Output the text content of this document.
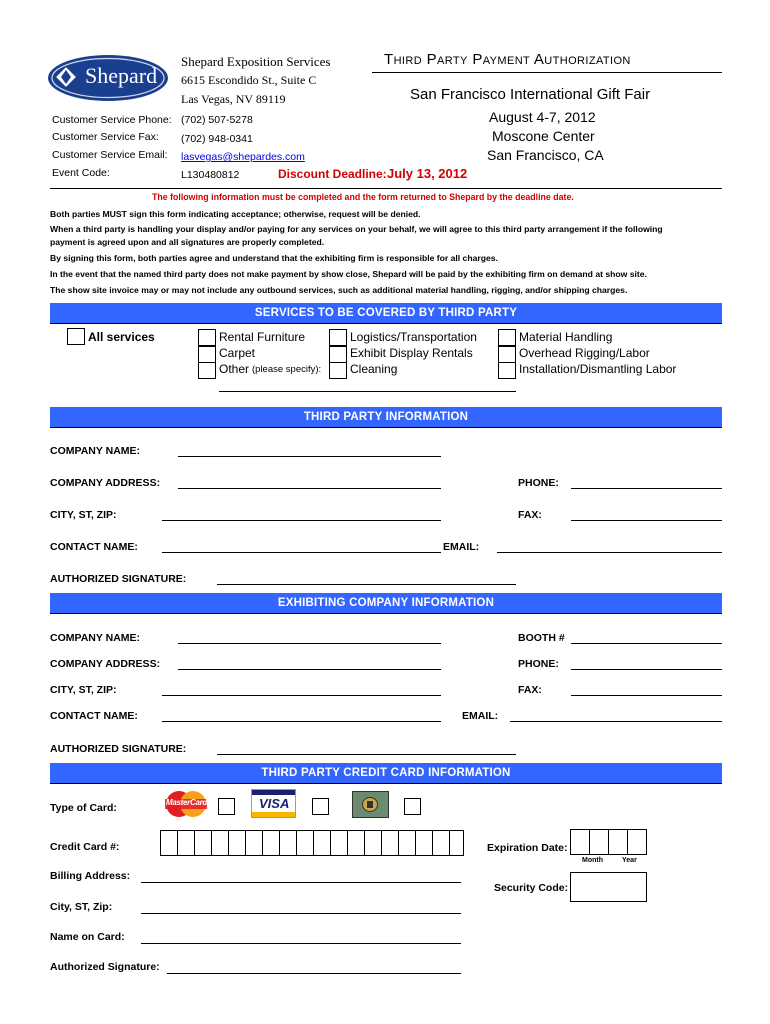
Shepard
Shepard Exposition Services
6615 Escondido St., Suite C
Las Vegas, NV 89119
Customer Service Phone: (702) 507-5278
Customer Service Fax: (702) 948-0341
Customer Service Email: lasvegas@shepardes.com
Event Code:	L130480812
Third Party Payment Authorization
San Francisco International Gift Fair
August 4-7, 2012
Moscone Center
San Francisco, CA
Discount Deadline: July 13, 2012
The following information must be completed and the form returned to Shepard by the deadline date.
Both parties MUST sign this form indicating acceptance; otherwise, request will be denied.
When a third party is handling your display and/or paying for any services on your behalf, we will agree to this third party arrangement if the following
payment is agreed upon and all signatures are properly completed.
By signing this form, both parties agree and understand that the exhibiting firm is responsible for all charges.
In the event that the named third party does not make payment by show close, Shepard will be paid by the exhibiting firm on demand at show site.
The show site invoice may or may not include any outbound services, such as additional material handling, rigging, and/or shipping charges.
SERVICES TO BE COVERED BY THIRD PARTY
All services	Rental Furniture
Carpet
Other (please specify):
Logistics/Transportation
Exhibit Display Rentals
Cleaning
Material Handling
Overhead Rigging/Labor
Installation/Dismantling Labor
THIRD PARTY INFORMATION
COMPANY NAME:
COMPANY ADDRESS:	PHONE:
CITY, ST, ZIP:	FAX:
CONTACT NAME:	EMAIL:
AUTHORIZED SIGNATURE:
EXHIBITING COMPANY INFORMATION
COMPANY NAME:	BOOTH #
COMPANY ADDRESS:	PHONE:
CITY, ST, ZIP:	FAX:
CONTACT NAME:	EMAIL:
AUTHORIZED SIGNATURE:
THIRD PARTY CREDIT CARD INFORMATION
Type of Card:	MasterCard	VISA
Credit Card #:	Expiration Date:
Month	Year
Billing Address:
Security Code:
City, ST, Zip:
Name on Card:
Authorized Signature:
